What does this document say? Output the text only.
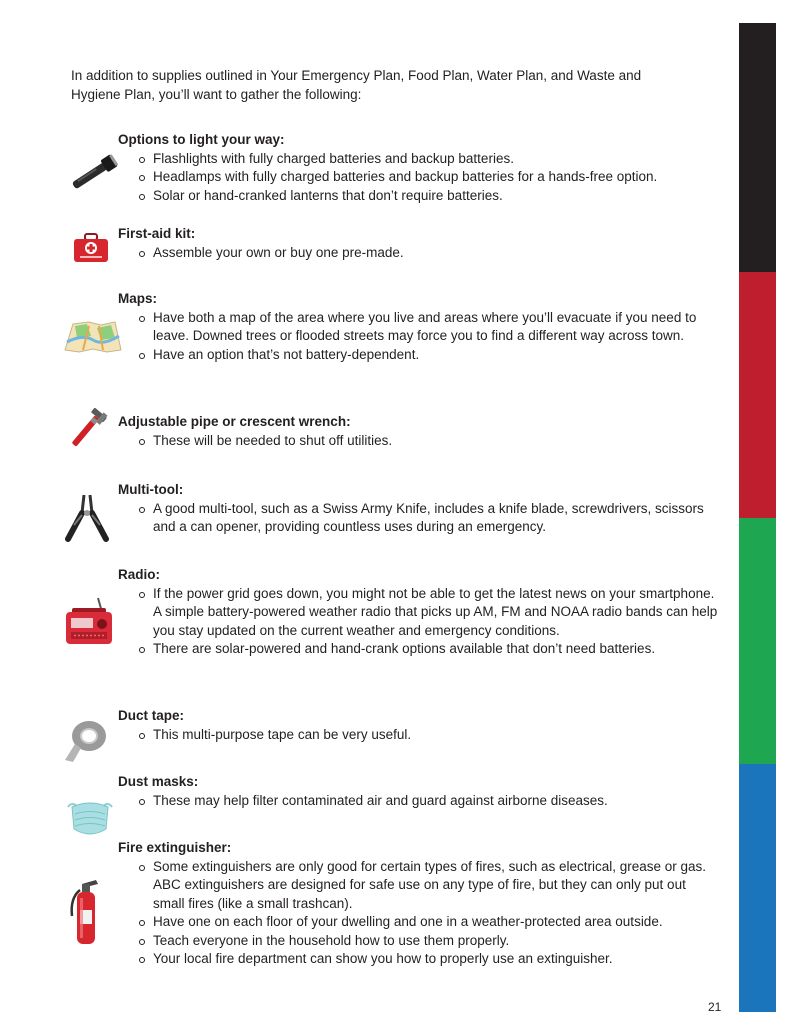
In addition to supplies outlined in Your Emergency Plan, Food Plan, Water Plan, and Waste and Hygiene Plan, you’ll want to gather the following:

Options to light your way:
Flashlights with fully charged batteries and backup batteries.
Headlamps with fully charged batteries and backup batteries for a hands-free option.
Solar or hand-cranked lanterns that don’t require batteries.
First-aid kit:
Assemble your own or buy one pre-made.
Maps:
Have both a map of the area where you live and areas where you’ll evacuate if you need to leave. Downed trees or flooded streets may force you to find a different way across town.
Have an option that’s not battery-dependent.
Adjustable pipe or crescent wrench:
These will be needed to shut off utilities.
Multi-tool:
A good multi-tool, such as a Swiss Army Knife, includes a knife blade, screwdrivers, scissors and a can opener, providing countless uses during an emergency.
Radio:
If the power grid goes down, you might not be able to get the latest news on your smartphone. A simple battery-powered weather radio that picks up AM, FM and NOAA radio bands can help you stay updated on the current weather and emergency conditions.
There are solar-powered and hand-crank options available that don’t need batteries.
Duct tape:
This multi-purpose tape can be very useful.
Dust masks:
These may help filter contaminated air and guard against airborne diseases.
Fire extinguisher:
Some extinguishers are only good for certain types of fires, such as electrical, grease or gas. ABC extinguishers are designed for safe use on any type of fire, but they can only put out small fires (like a small trashcan).
Have one on each floor of your dwelling and one in a weather-protected area outside.
Teach everyone in the household how to use them properly.
Your local fire department can show you how to properly use an extinguisher.
21
